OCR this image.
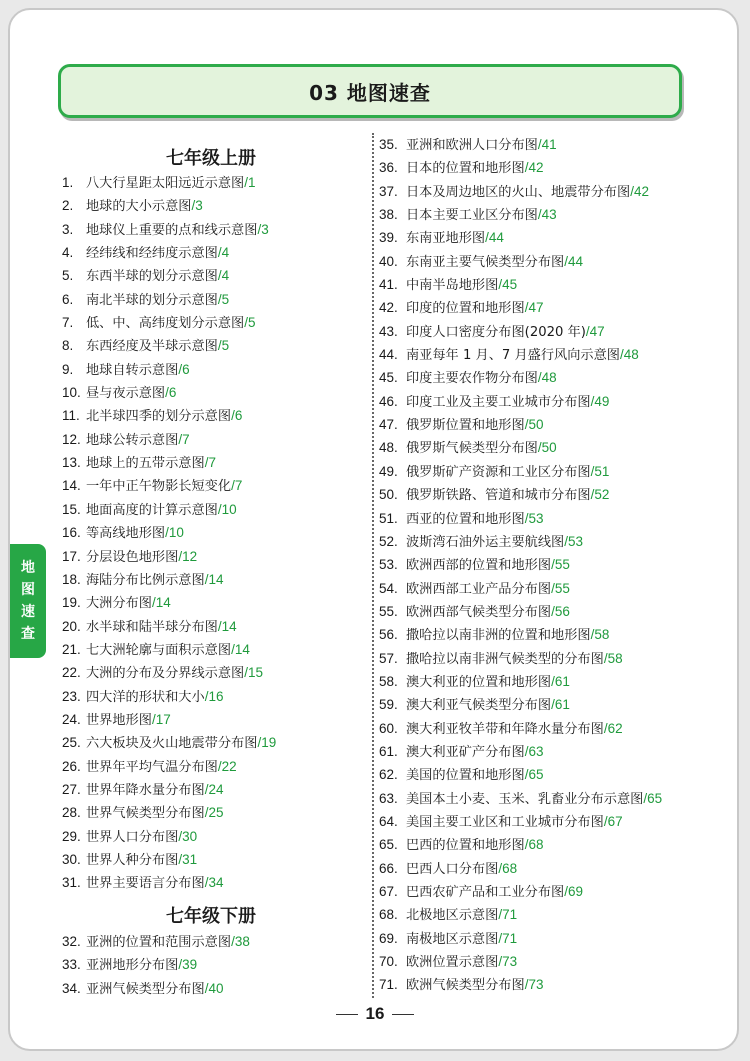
03 地图速查
七年级上册
1. 八大行星距太阳远近示意图/1
2. 地球的大小示意图/3
3. 地球仪上重要的点和线示意图/3
4. 经纬线和经纬度示意图/4
5. 东西半球的划分示意图/4
6. 南北半球的划分示意图/5
7. 低、中、高纬度划分示意图/5
8. 东西经度及半球示意图/5
9. 地球自转示意图/6
10. 昼与夜示意图/6
11. 北半球四季的划分示意图/6
12. 地球公转示意图/7
13. 地球上的五带示意图/7
14. 一年中正午物影长短变化/7
15. 地面高度的计算示意图/10
16. 等高线地形图/10
17. 分层设色地形图/12
18. 海陆分布比例示意图/14
19. 大洲分布图/14
20. 水半球和陆半球分布图/14
21. 七大洲轮廓与面积示意图/14
22. 大洲的分布及分界线示意图/15
23. 四大洋的形状和大小/16
24. 世界地形图/17
25. 六大板块及火山地震带分布图/19
26. 世界年平均气温分布图/22
27. 世界年降水量分布图/24
28. 世界气候类型分布图/25
29. 世界人口分布图/30
30. 世界人种分布图/31
31. 世界主要语言分布图/34
七年级下册
32. 亚洲的位置和范围示意图/38
33. 亚洲地形分布图/39
34. 亚洲气候类型分布图/40
35. 亚洲和欧洲人口分布图/41
36. 日本的位置和地形图/42
37. 日本及周边地区的火山、地震带分布图/42
38. 日本主要工业区分布图/43
39. 东南亚地形图/44
40. 东南亚主要气候类型分布图/44
41. 中南半岛地形图/45
42. 印度的位置和地形图/47
43. 印度人口密度分布图(2020 年)/47
44. 南亚每年 1 月、7 月盛行风向示意图/48
45. 印度主要农作物分布图/48
46. 印度工业及主要工业城市分布图/49
47. 俄罗斯位置和地形图/50
48. 俄罗斯气候类型分布图/50
49. 俄罗斯矿产资源和工业区分布图/51
50. 俄罗斯铁路、管道和城市分布图/52
51. 西亚的位置和地形图/53
52. 波斯湾石油外运主要航线图/53
53. 欧洲西部的位置和地形图/55
54. 欧洲西部工业产品分布图/55
55. 欧洲西部气候类型分布图/56
56. 撒哈拉以南非洲的位置和地形图/58
57. 撒哈拉以南非洲气候类型的分布图/58
58. 澳大利亚的位置和地形图/61
59. 澳大利亚气候类型分布图/61
60. 澳大利亚牧羊带和年降水量分布图/62
61. 澳大利亚矿产分布图/63
62. 美国的位置和地形图/65
63. 美国本土小麦、玉米、乳畜业分布示意图/65
64. 美国主要工业区和工业城市分布图/67
65. 巴西的位置和地形图/68
66. 巴西人口分布图/68
67. 巴西农矿产品和工业分布图/69
68. 北极地区示意图/71
69. 南极地区示意图/71
70. 欧洲位置示意图/73
71. 欧洲气候类型分布图/73
地
图
速
查
16
